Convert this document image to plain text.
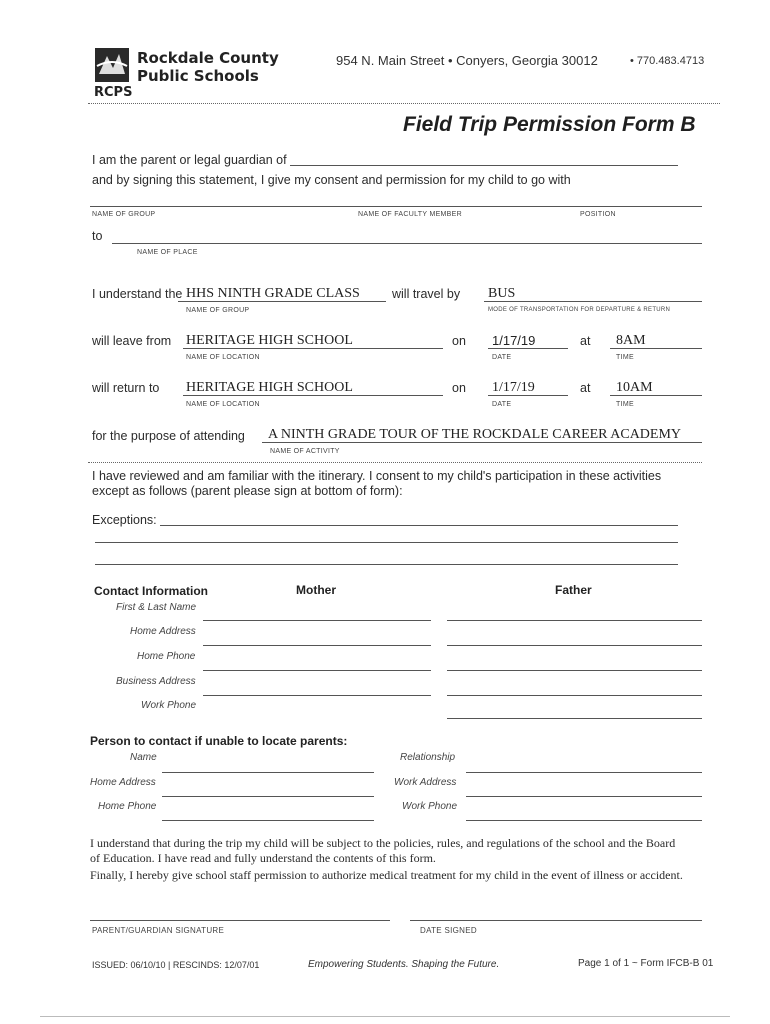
Rockdale County
Public Schools
RCPS
954 N. Main Street • Conyers, Georgia 30012	• 770.483.4713
Field Trip Permission Form B
I am the parent or legal guardian of
and by signing this statement, I give my consent and permission for my child to go with
NAME OF GROUP	NAME OF FACULTY MEMBER	POSITION
to
NAME OF PLACE
I understand the HHS NINTH GRADE CLASS
NAME OF GROUP
will travel by BUS
MODE OF TRANSPORTATION FOR DEPARTURE & RETURN
will leave from HERITAGE HIGH SCHOOL
NAME OF LOCATION
on 1/17/19
DATE
at 8AM
TIME
will return to HERITAGE HIGH SCHOOL
NAME OF LOCATION
on 1/17/19
DATE
at 10AM
TIME
for the purpose of attending A NINTH GRADE TOUR OF THE ROCKDALE CAREER ACADEMY
NAME OF ACTIVITY
I have reviewed and am familiar with the itinerary. I consent to my child's participation in these activities
except as follows (parent please sign at bottom of form):
Exceptions:
Contact Information	Mother	Father
First & Last Name
Home Address
Home Phone
Business Address
Work Phone
Person to contact if unable to locate parents:
Name	Relationship
Home Address	Work Address
Home Phone	Work Phone
I understand that during the trip my child will be subject to the policies, rules, and regulations of the school and the Board
of Education. I have read and fully understand the contents of this form.
Finally, I hereby give school staff permission to authorize medical treatment for my child in the event of illness or accident.
PARENT/GUARDIAN SIGNATURE	DATE SIGNED
ISSUED: 06/10/10 | RESCINDS: 12/07/01	Empowering Students. Shaping the Future.	Page 1 of 1 ~ Form IFCB-B 01
